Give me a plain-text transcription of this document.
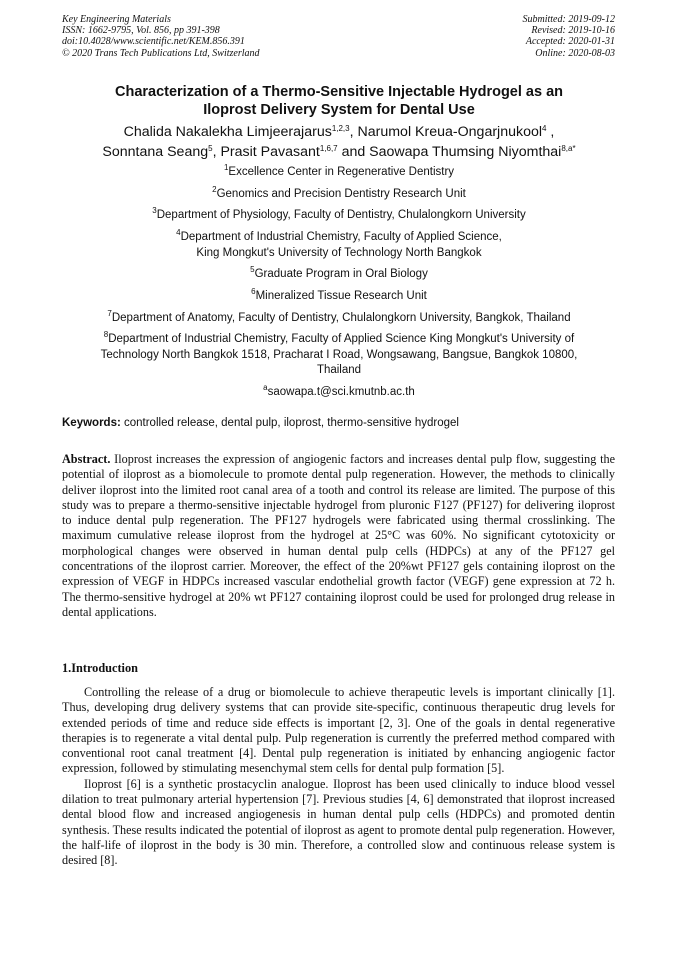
Key Engineering Materials
ISSN: 1662-9795, Vol. 856, pp 391-398
doi:10.4028/www.scientific.net/KEM.856.391
© 2020 Trans Tech Publications Ltd, Switzerland
Submitted: 2019-09-12
Revised: 2019-10-16
Accepted: 2020-01-31
Online: 2020-08-03
Characterization of a Thermo-Sensitive Injectable Hydrogel as an
Iloprost Delivery System for Dental Use
Chalida Nakalekha Limjeerajarus$^{1,2,3}$, Narumol Kreua-Ongarjnukool$^4$ ,
Sonntana Seang$^5$, Prasit Pavasant$^{1,6,7}$ and Saowapa Thumsing Niyomthai$^{8,a*}$
$^1$Excellence Center in Regenerative Dentistry
$^2$Genomics and Precision Dentistry Research Unit
$^3$Department of Physiology, Faculty of Dentistry, Chulalongkorn University
$^4$Department of Industrial Chemistry, Faculty of Applied Science,
King Mongkut's University of Technology North Bangkok
$^5$Graduate Program in Oral Biology
$^6$Mineralized Tissue Research Unit
$^7$Department of Anatomy, Faculty of Dentistry, Chulalongkorn University, Bangkok, Thailand
$^8$Department of Industrial Chemistry, Faculty of Applied Science King Mongkut's University of
Technology North Bangkok 1518, Pracharat I Road, Wongsawang, Bangsue, Bangkok 10800,
Thailand
$^a$saowapa.t@sci.kmutnb.ac.th
Keywords: controlled release, dental pulp, iloprost, thermo-sensitive hydrogel
Abstract. Iloprost increases the expression of angiogenic factors and increases dental pulp flow, suggesting the potential of iloprost as a biomolecule to promote dental pulp regeneration. However, the methods to clinically deliver iloprost into the limited root canal area of a tooth and control its release are limited. The purpose of this study was to prepare a thermo-sensitive injectable hydrogel from pluronic F127 (PF127) for delivering iloprost to induce dental pulp regeneration. The PF127 hydrogels were fabricated using thermal crosslinking. The maximum cumulative release iloprost from the hydrogel at 25°C was 60%. No significant cytotoxicity or morphological changes were observed in human dental pulp cells (HDPCs) at any of the PF127 gel concentrations of the iloprost carrier. Moreover, the effect of the 20%wt PF127 gels containing iloprost on the expression of VEGF in HDPCs increased vascular endothelial growth factor (VEGF) gene expression at 72 h. The thermo-sensitive hydrogel at 20% wt PF127 containing iloprost could be used for prolonged drug release in dental applications.
1.Introduction

Controlling the release of a drug or biomolecule to achieve therapeutic levels is important clinically [1]. Thus, developing drug delivery systems that can provide site-specific, continuous therapeutic drug levels for extended periods of time and reduce side effects is important [2, 3]. One of the goals in dental regenerative therapies is to regenerate a vital dental pulp. Pulp regeneration is currently the preferred method compared with conventional root canal treatment [4]. Dental pulp regeneration is initiated by enhancing angiogenic factor expression, followed by stimulating mesenchymal stem cells for dental pulp formation [5].

Iloprost [6] is a synthetic prostacyclin analogue. Iloprost has been used clinically to induce blood vessel dilation to treat pulmonary arterial hypertension [7]. Previous studies [4, 6] demonstrated that iloprost increased dental blood flow and increased angiogenesis in human dental pulp cells (HDPCs) and promoted dentin synthesis. These results indicated the potential of iloprost as agent to promote dental pulp regeneration. However, the half-life of iloprost in the body is 30 min. Therefore, a controlled slow and continuous release system is desired [8].
